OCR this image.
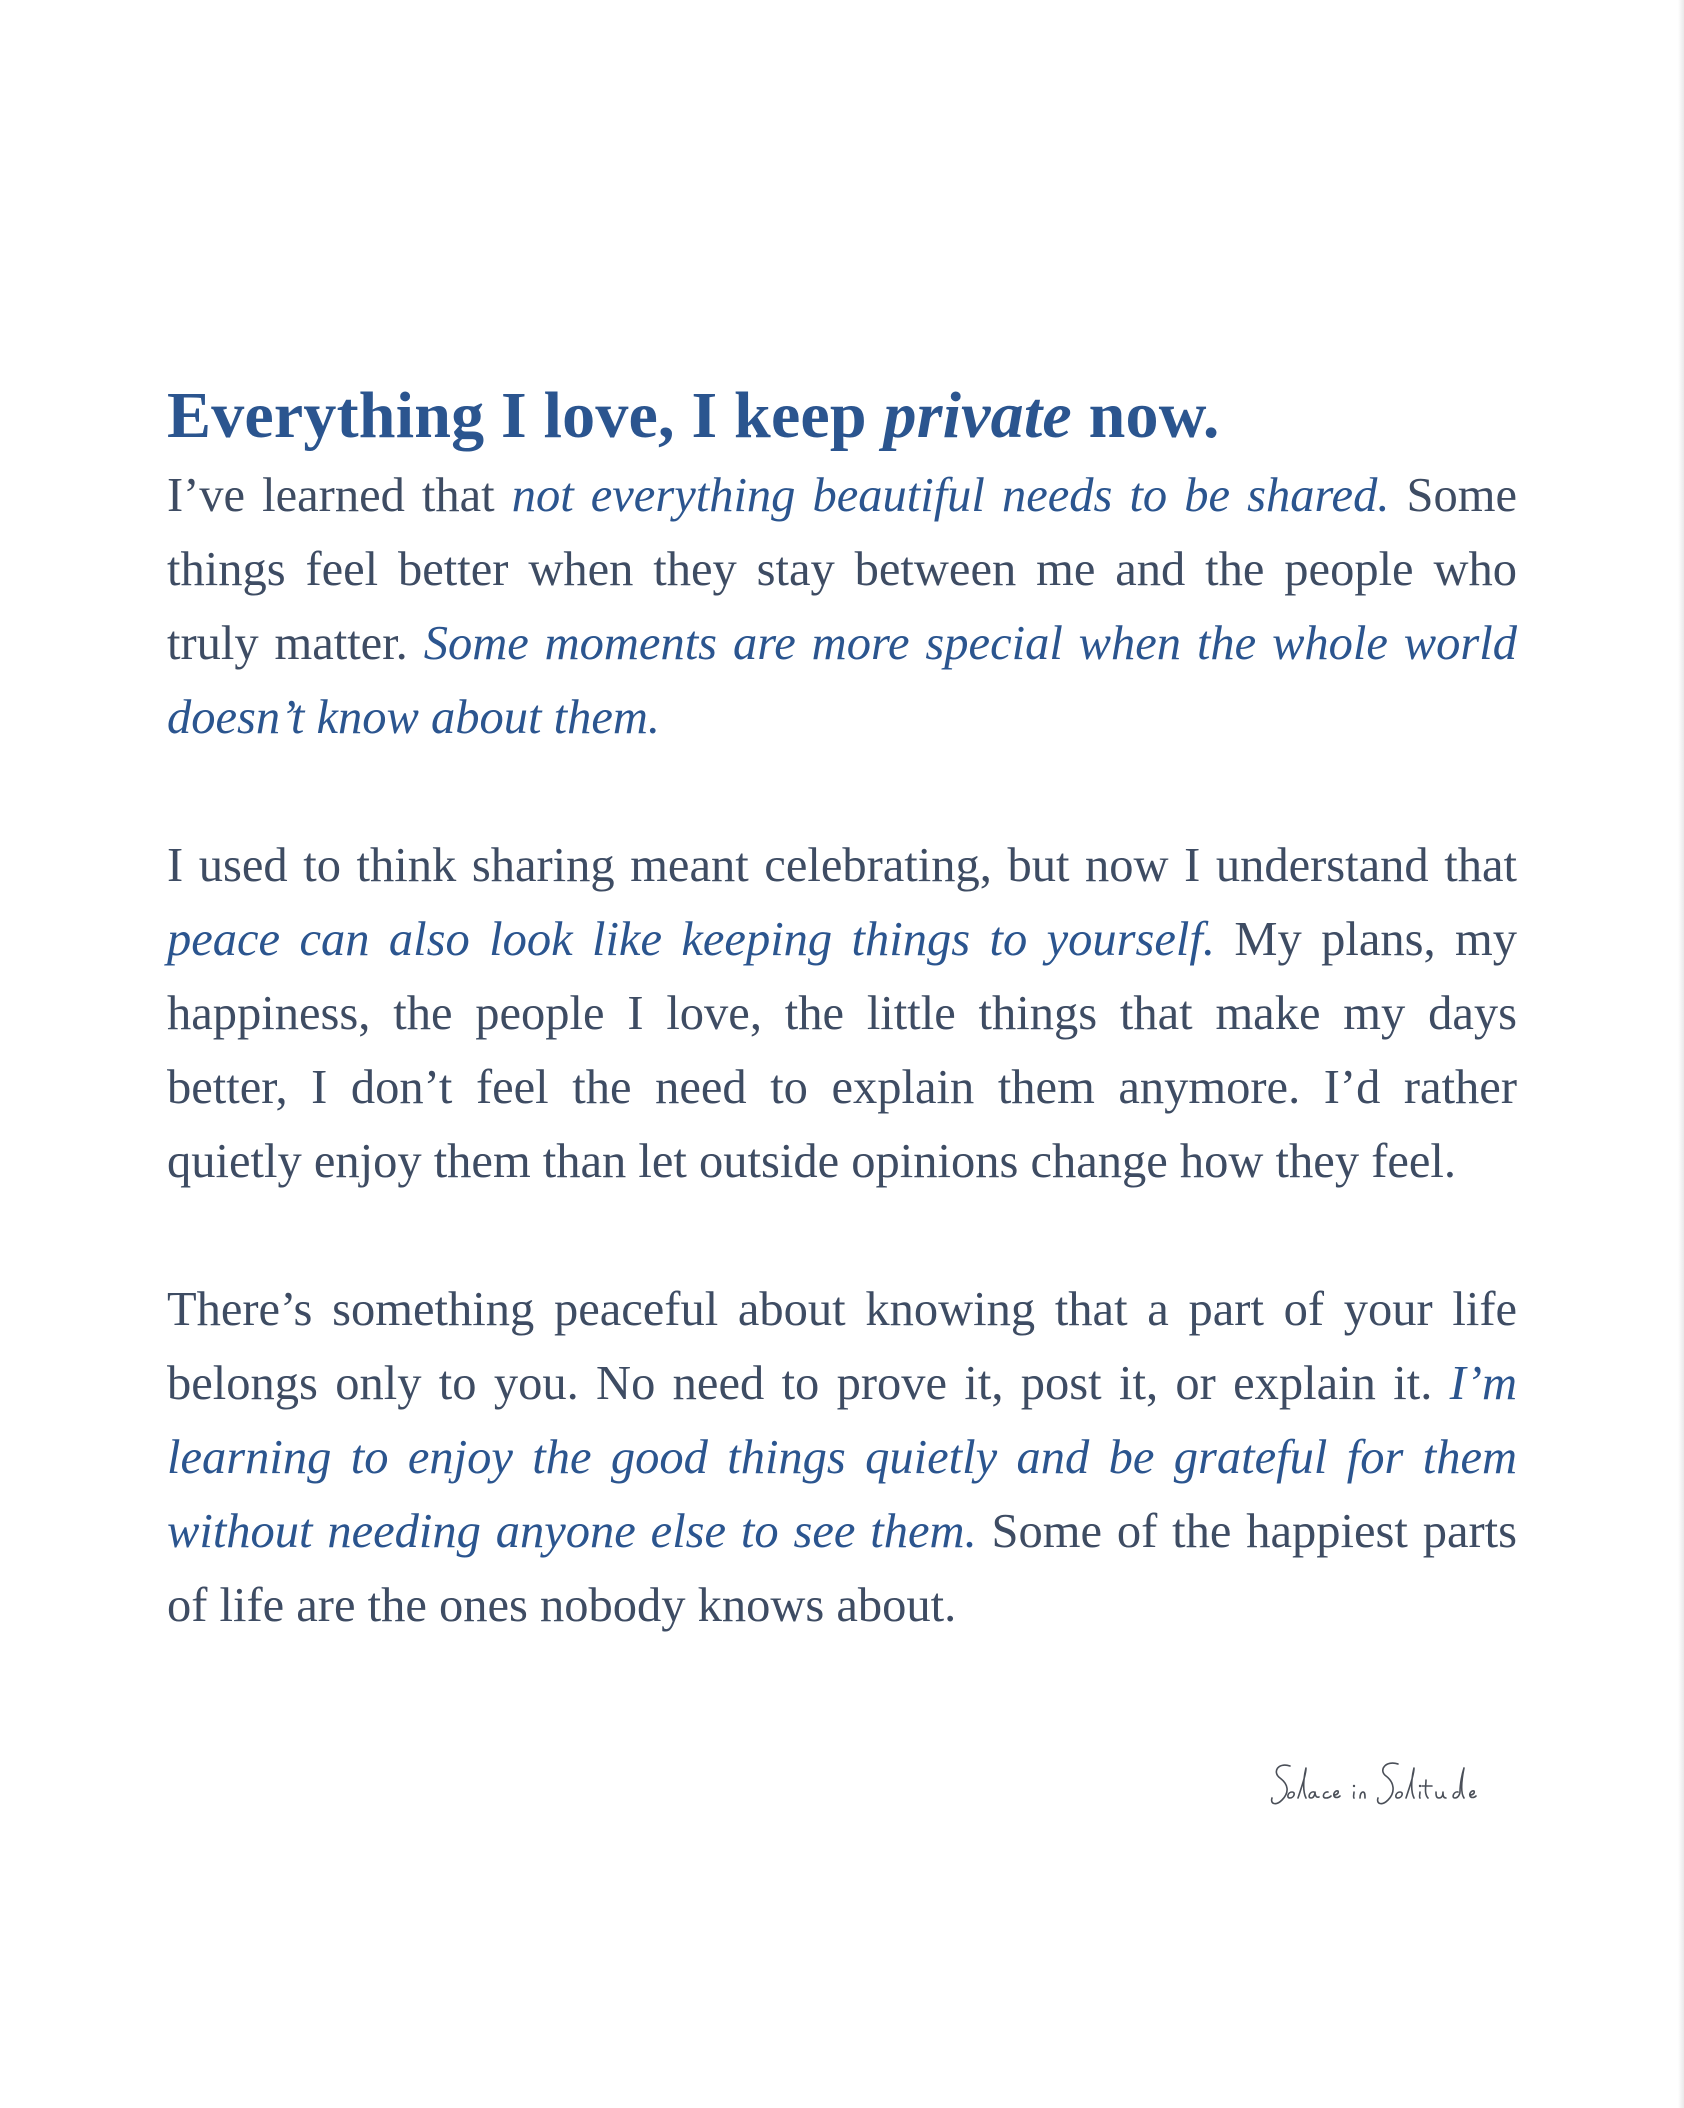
Everything I love, I keep private now.

I’ve learned that not everything beautiful needs to be shared. Some things feel better when they stay between me and the people who truly matter. Some moments are more special when the whole world doesn’t know about them.

I used to think sharing meant celebrating, but now I understand that peace can also look like keeping things to yourself. My plans, my happiness, the people I love, the little things that make my days better, I don’t feel the need to explain them anymore. I’d rather quietly enjoy them than let outside opinions change how they feel.

There’s something peaceful about knowing that a part of your life belongs only to you. No need to prove it, post it, or explain it. I’m learning to enjoy the good things quietly and be grateful for them without needing anyone else to see them. Some of the happiest parts of life are the ones nobody knows about.
